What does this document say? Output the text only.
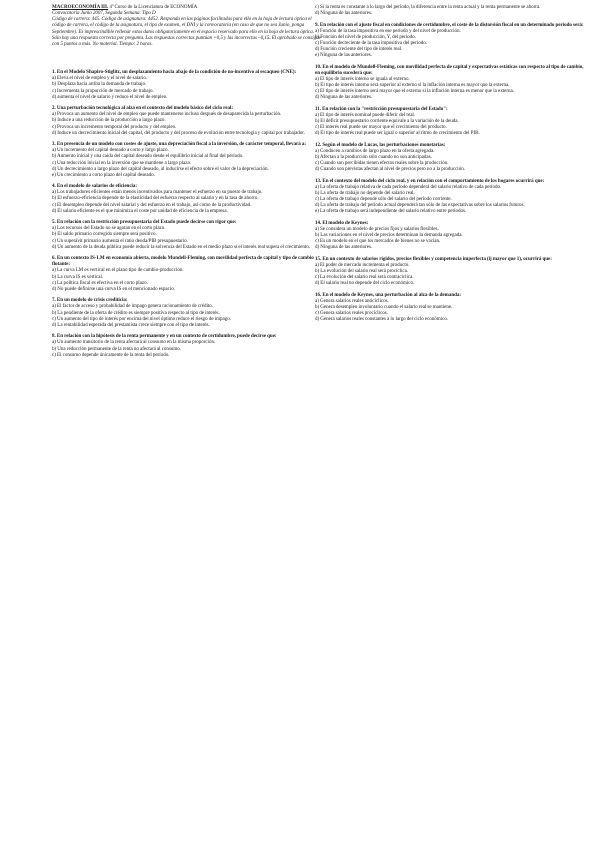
MACROECONOMÍA III. 4º Curso de la Licenciatura de ECONOMÍA

Convocatoria Junio 2007, Segunda Semana. Tipo D

Código de carrera: 445. Código de asignatura: 4452. Responda en las páginas facilitadas para ello en la hoja de lectura óptica el código de carrera, el código de la asignatura, el tipo de examen, el DNI y la convocatoria (en caso de que no sea Junio, ponga Septiembre). Es imprescindible rellenar estos datos obligatoriamente en el espacio reservado para ello en la hoja de lectura óptica. Sólo hay una respuesta correcta por pregunta. Las respuestas correctas puntúan +0,5 y las incorrectas –0,15. El aprobado se consigue con 5 puntos o más. No material. Tiempo: 2 horas.

1. En el Modelo Shapiro-Stiglitz, un desplazamiento hacia abajo de la condición de no-incentivo al escaqueo (CNE):
a) Eleva el nivel de empleo y el nivel de salario.
b) Desplaza hacia arriba la demanda de trabajo.
c) Incrementa la proporción de mercado de trabajo.
d) aumenta el nivel de salario y reduce el nivel de empleo.
2. Una perturbación tecnológica al alza en el contexto del modelo básico del ciclo real:
a) Provoca un aumento del nivel de empleo que puede mantenerse incluso después de desaparecida la perturbación.
b) Induce a una reducción de la producción a largo plazo.
c) Provoca un incremento temporal del producto y del empleo.
d) Induce un decrecimiento inicial del capital, del producto y del proceso de evolución entre tecnología y capital por trabajador.
3. En presencia de un modelo con costes de ajuste, una depreciación fiscal a la inversión, de carácter temporal, llevará a:
a) Un incremento del capital deseado a corto y largo plazo.
b) Aumento inicial y una caída del capital deseado desde el equilibrio inicial al final del período.
c) Una reducción inicial en la inversión que se mantiene a largo plazo.
d) Un decrecimiento a largo plazo del capital deseado, al inducirse el efecto sobre el valor de la depreciación.
e) Un crecimiento a corto plazo del capital deseado.
4. En el modelo de salarios de eficiencia:
a) Los trabajadores eficientes están menos incentivados para mantener el esfuerzo en su puesto de trabajo.
b) El esfuerzo-eficiencia depende de la elasticidad del esfuerzo respecto al salario y en la tasa de ahorro.
c) El desempleo depende del nivel salarial y del esfuerzo en el trabajo, así como de la productividad.
d) El salario eficiente es el que minimiza el coste por unidad de eficiencia de la empresa.
5. En relación con la restricción presupuestaria del Estado puede decirse con rigor que:
a) Los recursos del Estado no se agotan en el corto plazo.
b) El saldo primario corregido siempre será positivo.
c) Un superávit primario aumenta el ratio deuda/PIB presupuestario.
d) Un aumento de la deuda pública puede reducir la solvencia del Estado en el medio plazo si el interés real supera el crecimiento.
6. En un contexto IS-LM en economía abierta, modelo Mundell-Fleming, con movilidad perfecta de capital y tipo de cambio flotante:
a) La curva LM es vertical en el plano tipo de cambio-producción.
b) La curva IS es vertical.
c) La política fiscal es efectiva en el corto plazo.
d) No puede definirse una curva IS en el mencionado espacio.
7. En un modelo de crisis crediticia:
a) El factor de acceso y probabilidad de impago genera racionamiento de crédito.
b) La pendiente de la oferta de crédito es siempre positiva respecto al tipo de interés.
c) Un aumento del tipo de interés por encima del nivel óptimo reduce el riesgo de impago.
d) La rentabilidad esperada del prestamista crece siempre con el tipo de interés.
8. En relación con la hipótesis de la renta permanente y en un contexto de certidumbre, puede decirse que:
a) Un aumento transitorio de la renta afectará al consumo en la misma proporción.
b) Una reducción permanente de la renta no afectará al consumo.
c) El consumo depende únicamente de la renta del período.
c) Si la renta es constante a lo largo del período, la diferencia entre la renta actual y la renta permanente se ahorra.
d) Ninguna de las anteriores.
9. En relación con el ajuste fiscal en condiciones de certidumbre, el coste de la distorsión fiscal en un determinado período será:
a) Función de la tasa impositiva en ese período y del nivel de producción.
b) Función del nivel de producción, Y, del período.
c) Función decreciente de la tasa impositiva del período.
d) Función creciente del tipo de interés real.
e) Ninguna de las anteriores.
10. En el modelo de Mundell-Fleming, con movilidad perfecta de capital y expectativas estáticas con respecto al tipo de cambio, en equilibrio sucederá que:
a) El tipo de interés interno se iguala al externo.
b) El tipo de interés interno será superior al externo si la inflación interna es mayor que la externa.
c) El tipo de interés interno será mayor que el externo si la inflación interna es menor que la externa.
d) Ninguna de las anteriores.
11. En relación con la "restricción presupuestaria del Estado":
a) El tipo de interés nominal puede diferir del real.
b) El déficit presupuestario corriente equivale a la variación de la deuda.
c) El interés real puede ser mayor que el crecimiento del producto.
d) El tipo de interés real puede ser igual o superior al ritmo de crecimiento del PIB.
12. Según el modelo de Lucas, las perturbaciones monetarias:
a) Conducen a cambios de largo plazo en la oferta agregada.
b) Afectan a la producción sólo cuando no son anticipadas.
c) Cuando son percibidas tienen efectos reales sobre la producción.
d) Cuando son previstas afectan al nivel de precios pero no a la producción.
13. En el contexto del modelo del ciclo real, y en relación con el comportamiento de los hogares ocurrirá que:
a) La oferta de trabajo relativa de cada período dependerá del salario relativo de cada período.
b) La oferta de trabajo no depende del salario real.
c) La oferta de trabajo depende sólo del salario del período corriente.
d) La oferta de trabajo del período actual dependerá tan sólo de las expectativas sobre los salarios futuros.
e) La oferta de trabajo será independiente del salario relativo entre períodos.
14. El modelo de Keynes:
a) Se considera un modelo de precios fijos y salarios flexibles.
b) Las variaciones en el nivel de precios determinan la demanda agregada.
c) Es un modelo en el que los mercados de bienes no se vacían.
d) Ninguna de las anteriores.
15. En un contexto de salarios rígidos, precios flexibles y competencia imperfecta (ij mayor que 1), ocurrirá que:
a) El poder de mercado incrementa el producto.
b) La evolución del salario real será procíclica.
c) La evolución del salario real será contracíclica.
d) El salario real no depende del ciclo económico.
16. En el modelo de Keynes, una perturbación al alza de la demanda:
a) Genera salarios reales anticíclicos.
b) Genera desempleo involuntario cuando el salario real se mantiene.
c) Genera salarios reales procíclicos.
d) Genera salarios reales constantes a lo largo del ciclo económico.
